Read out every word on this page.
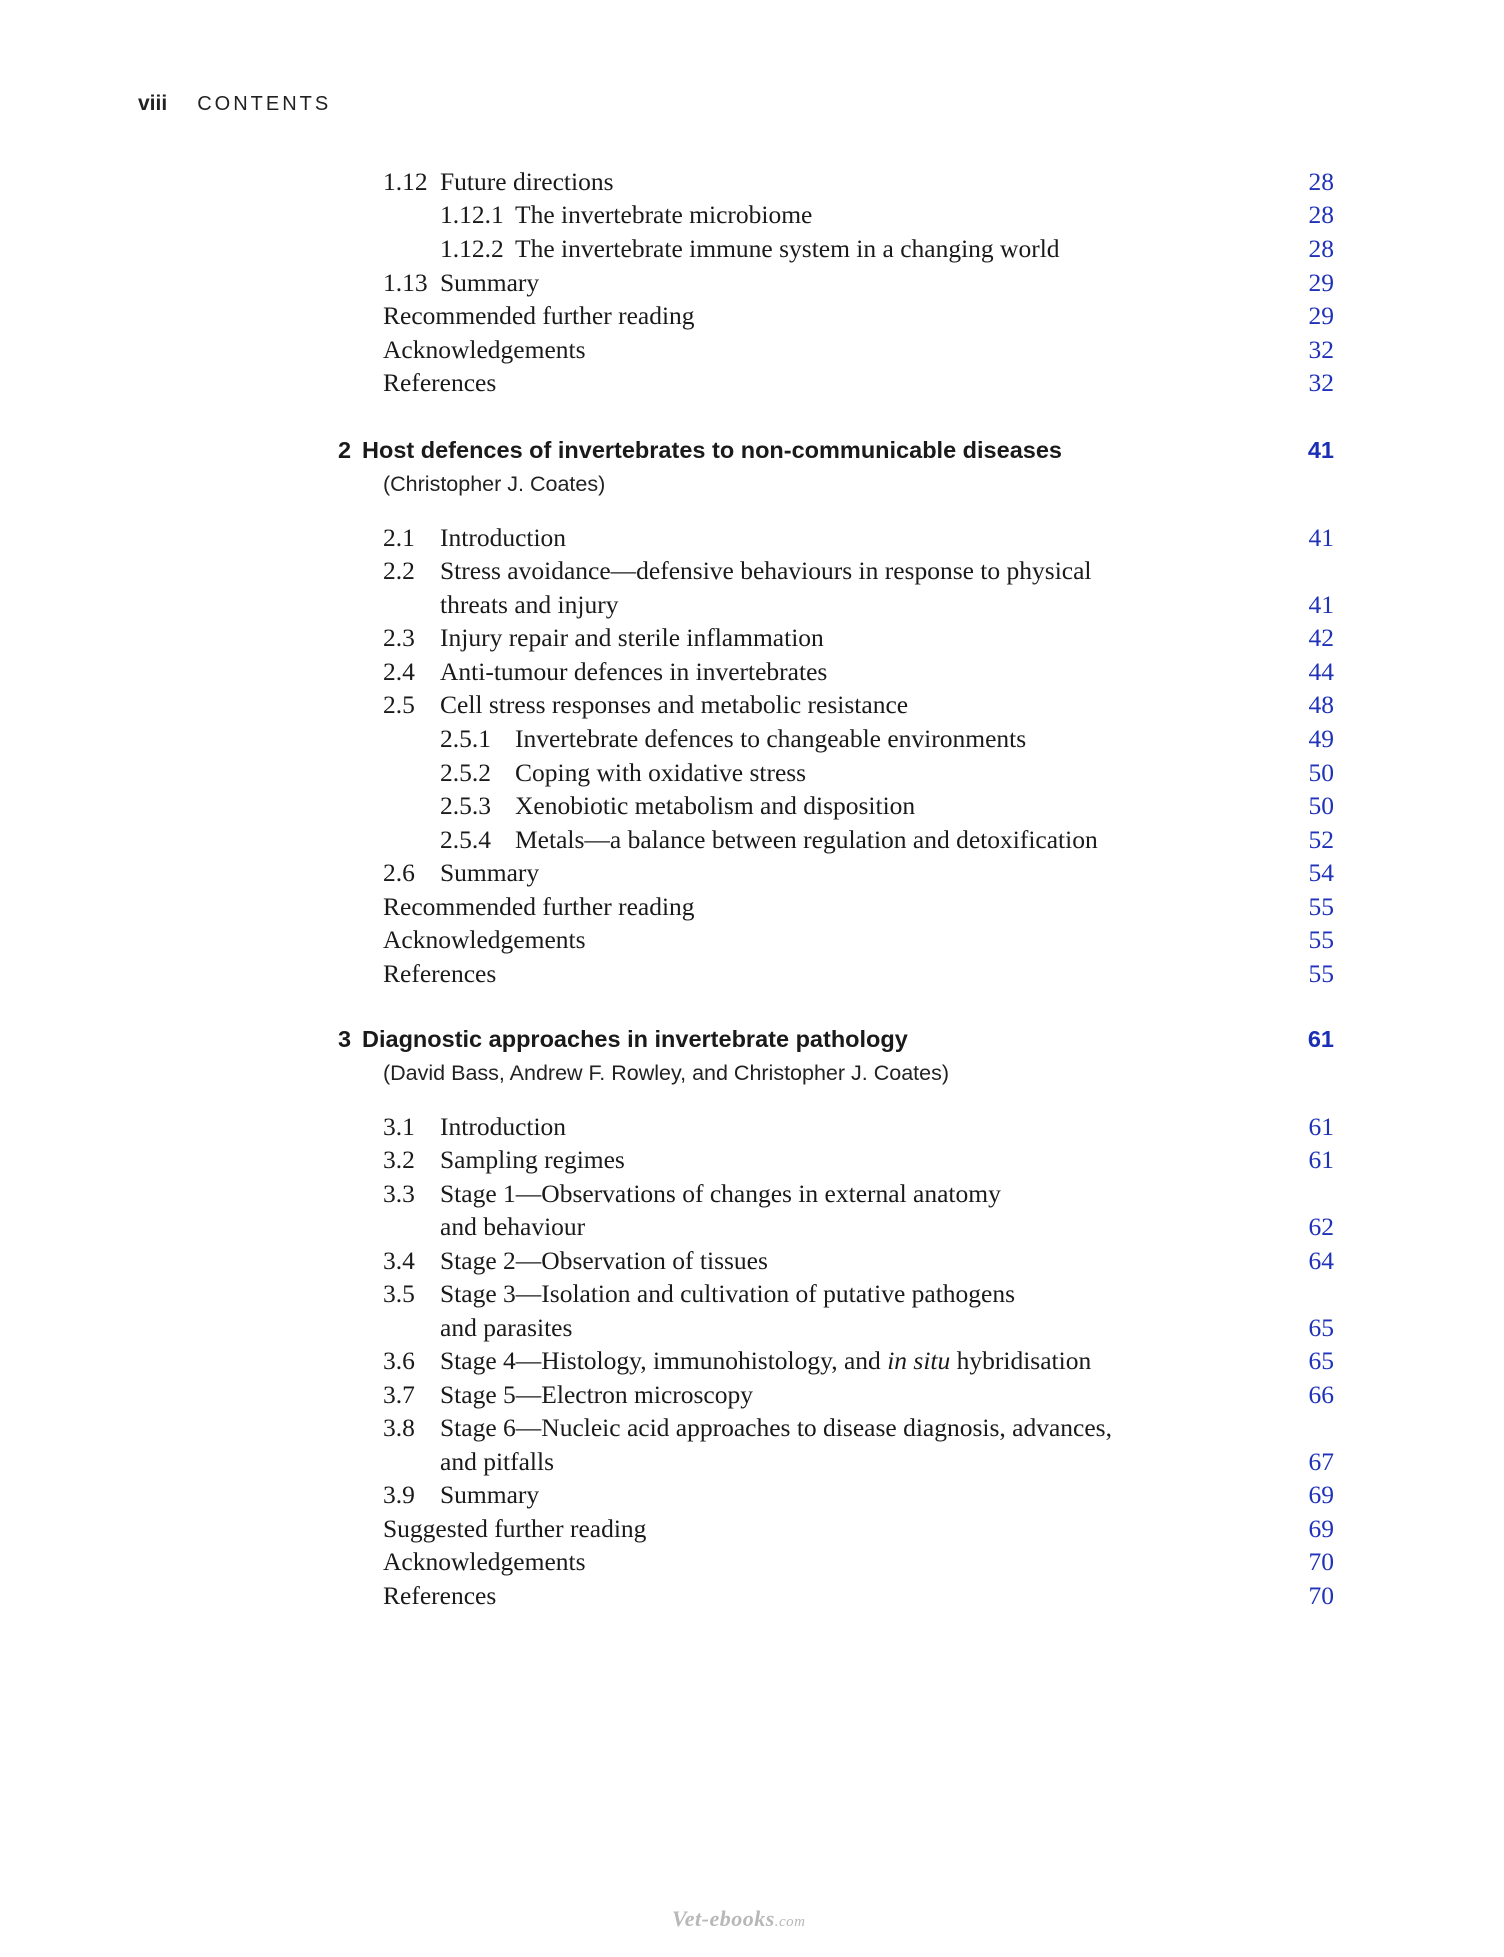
viii CONTENTS
1.12 Future directions	28
1.12.1 The invertebrate microbiome	28
1.12.2 The invertebrate immune system in a changing world	28
1.13 Summary	29
Recommended further reading	29
Acknowledgements	32
References	32
2 Host defences of invertebrates to non-communicable diseases	41
(Christopher J. Coates)
2.1 Introduction	41
2.2 Stress avoidance—defensive behaviours in response to physical
threats and injury	41
2.3 Injury repair and sterile inflammation	42
2.4 Anti-tumour defences in invertebrates	44
2.5 Cell stress responses and metabolic resistance	48
2.5.1 Invertebrate defences to changeable environments	49
2.5.2 Coping with oxidative stress	50
2.5.3 Xenobiotic metabolism and disposition	50
2.5.4 Metals—a balance between regulation and detoxification	52
2.6 Summary	54
Recommended further reading	55
Acknowledgements	55
References	55
3 Diagnostic approaches in invertebrate pathology	61
(David Bass, Andrew F. Rowley, and Christopher J. Coates)
3.1 Introduction	61
3.2 Sampling regimes	61
3.3 Stage 1—Observations of changes in external anatomy
and behaviour	62
3.4 Stage 2—Observation of tissues	64
3.5 Stage 3—Isolation and cultivation of putative pathogens
and parasites	65
3.6 Stage 4—Histology, immunohistology, and in situ hybridisation	65
3.7 Stage 5—Electron microscopy	66
3.8 Stage 6—Nucleic acid approaches to disease diagnosis, advances,
and pitfalls	67
3.9 Summary	69
Suggested further reading	69
Acknowledgements	70
References	70
Vet-ebooks.com
